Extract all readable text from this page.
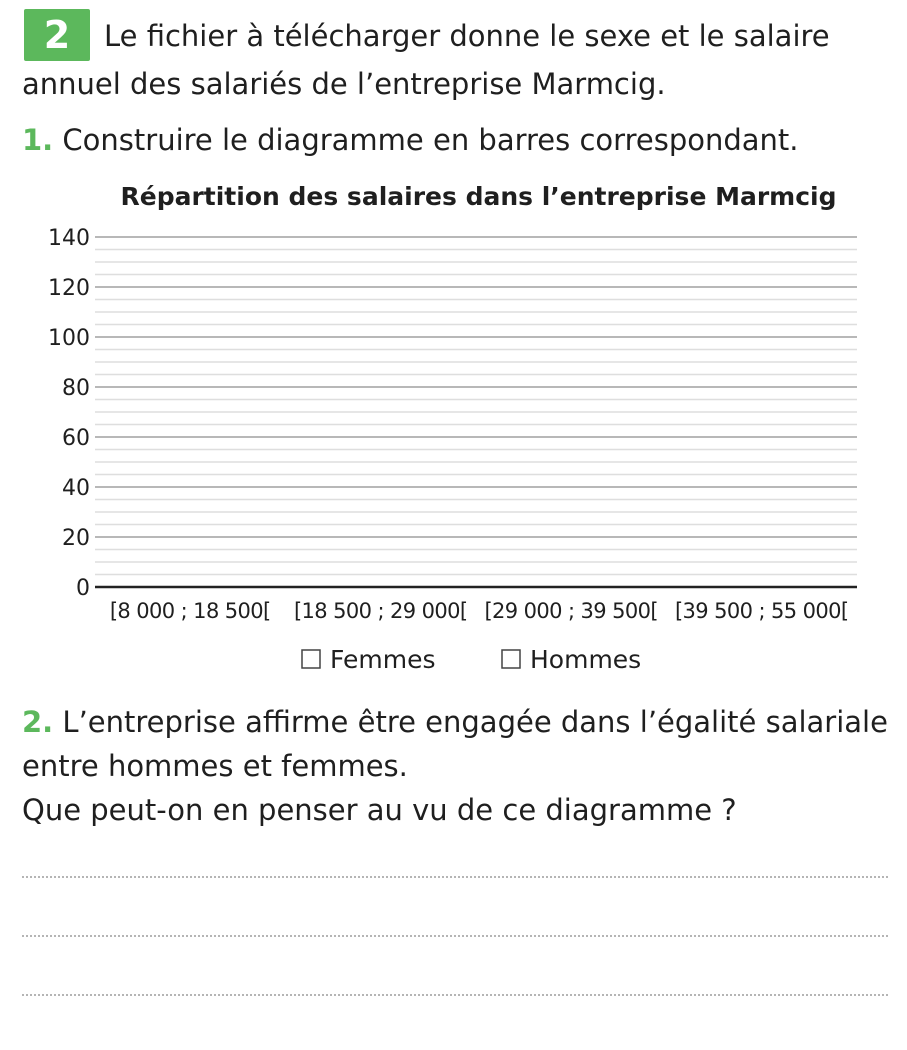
2	Le fichier à télécharger donne le sexe et le salaire
annuel des salariés de l’entreprise Marmcig.
1. Construire le diagramme en barres correspondant.
Répartition des salaires dans l’entreprise Marmcig
0
20
40
60
80
100
120
140
[8 000 ; 18 500[ [18 500 ; 29 000[ [29 000 ; 39 500[ [39 500 ; 55 000[
Femmes	Hommes
2. L’entreprise affirme être engagée dans l’égalité salariale
entre hommes et femmes.
Que peut-on en penser au vu de ce diagramme ?
